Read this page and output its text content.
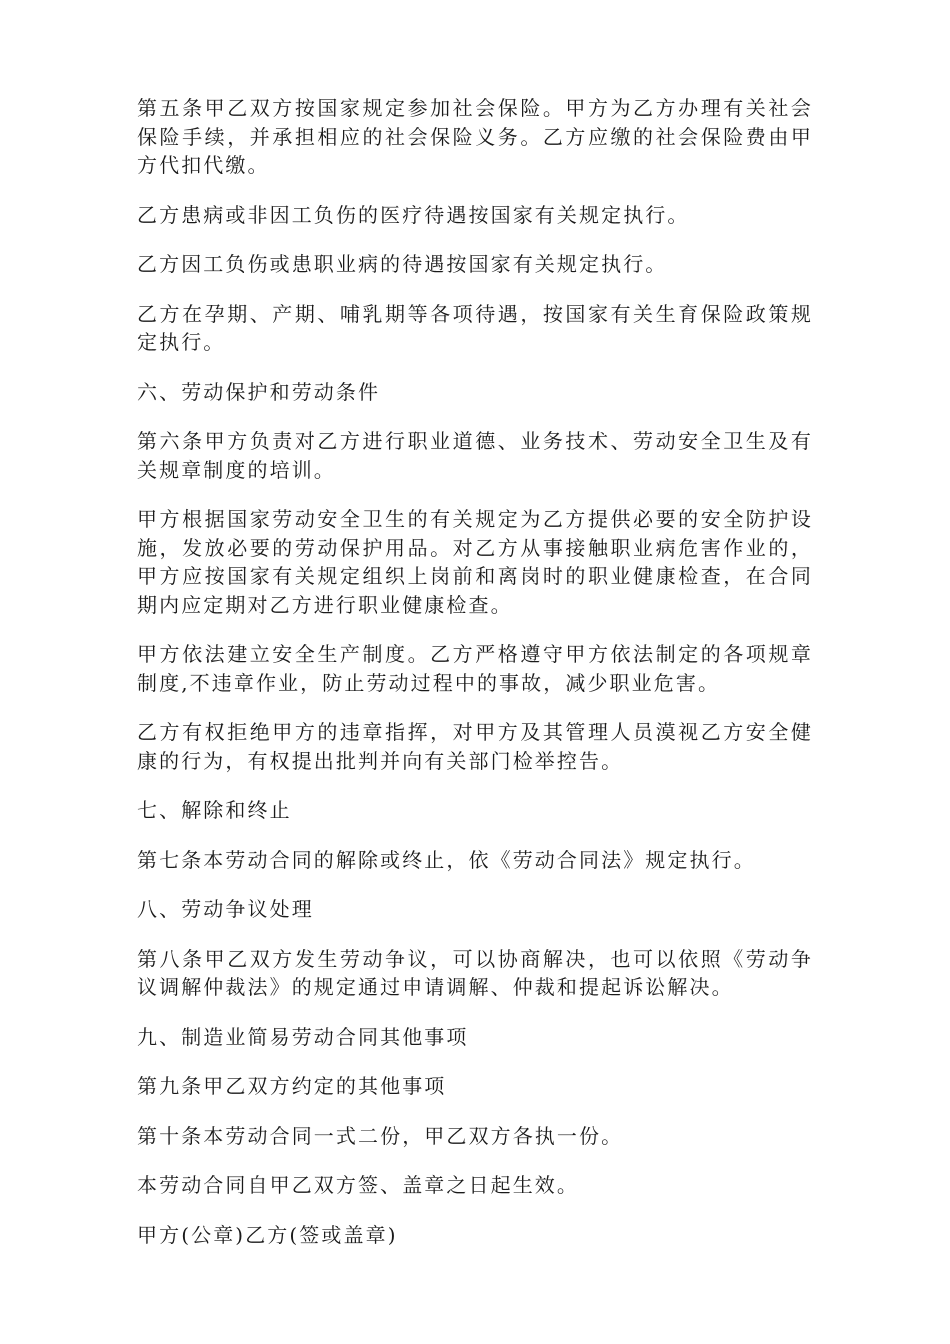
第五条甲乙双方按国家规定参加社会保险。甲方为乙方办理有关社会保险手续，并承担相应的社会保险义务。乙方应缴的社会保险费由甲方代扣代缴。

乙方患病或非因工负伤的医疗待遇按国家有关规定执行。

乙方因工负伤或患职业病的待遇按国家有关规定执行。

乙方在孕期、产期、哺乳期等各项待遇，按国家有关生育保险政策规定执行。

六、劳动保护和劳动条件

第六条甲方负责对乙方进行职业道德、业务技术、劳动安全卫生及有关规章制度的培训。

甲方根据国家劳动安全卫生的有关规定为乙方提供必要的安全防护设施，发放必要的劳动保护用品。对乙方从事接触职业病危害作业的，甲方应按国家有关规定组织上岗前和离岗时的职业健康检查，在合同期内应定期对乙方进行职业健康检查。

甲方依法建立安全生产制度。乙方严格遵守甲方依法制定的各项规章制度,不违章作业，防止劳动过程中的事故，减少职业危害。

乙方有权拒绝甲方的违章指挥，对甲方及其管理人员漠视乙方安全健康的行为，有权提出批判并向有关部门检举控告。

七、解除和终止

第七条本劳动合同的解除或终止，依《劳动合同法》规定执行。

八、劳动争议处理

第八条甲乙双方发生劳动争议，可以协商解决，也可以依照《劳动争议调解仲裁法》的规定通过申请调解、仲裁和提起诉讼解决。

九、制造业简易劳动合同其他事项

第九条甲乙双方约定的其他事项

第十条本劳动合同一式二份，甲乙双方各执一份。

本劳动合同自甲乙双方签、盖章之日起生效。

甲方(公章)乙方(签或盖章)
